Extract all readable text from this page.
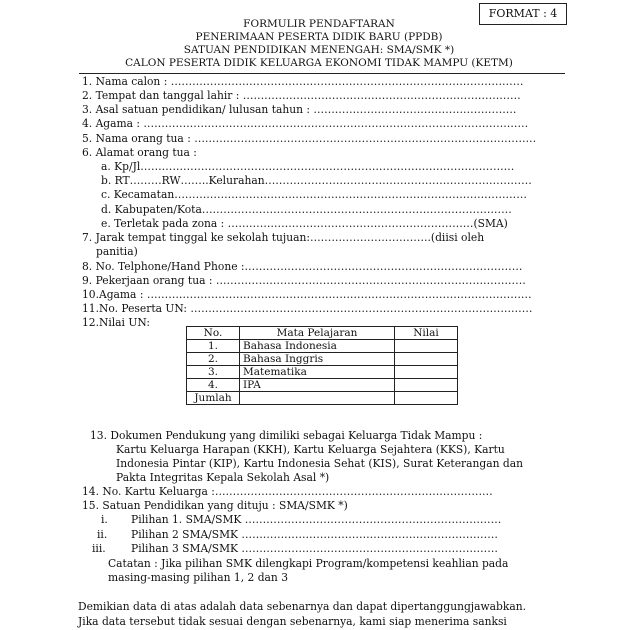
FORMAT : 4
FORMULIR PENDAFTARAN
PENERIMAAN PESERTA DIDIK BARU (PPDB)
SATUAN PENDIDIKAN MENENGAH: SMA/SMK *)
CALON PESERTA DIDIK KELUARGA EKONOMI TIDAK MAMPU (KETM)
1. Nama calon : ………………………………………………………………………………………
2. Tempat dan tanggal lahir : ……………………………………………………………………
3. Asal satuan pendidikan/ lulusan tahun : …………………………………………………
4. Agama : ………………………………………………………………………………………………
5. Nama orang tua : ……………………………………………………………………………………
6. Alamat orang tua :
a. Kp/Jl……………………………………………………………………………………………
b. RT………RW……..Kelurahan…………………………………………………………………
c. Kecamatan………………………………………………………………………………………
d. Kabupaten/Kota……………………………………………………………………………
e. Terletak pada zona : ……………………………………………………………(SMA)
7. Jarak tempat tinggal ke sekolah tujuan:…………………………….(diisi oleh
panitia)
8. No. Telphone/Hand Phone :……………………………………………………………………
9. Pekerjaan orang tua : ……………………………………………………………………………
10.Agama : ………………………………………………………………………………………………
11.No. Peserta UN: ……………………………………………………………………………………
12.Nilai UN:
No.	Mata Pelajaran	Nilai
1.	Bahasa Indonesia	
2.	Bahasa Inggris	
3.	Matematika	
4.	IPA	
Jumlah		
13. Dokumen Pendukung yang dimiliki sebagai Keluarga Tidak Mampu :
Kartu Keluarga Harapan (KKH), Kartu Keluarga Sejahtera (KKS), Kartu
Indonesia Pintar (KIP), Kartu Indonesia Sehat (KIS), Surat Keterangan dan
Pakta Integritas Kepala Sekolah Asal *)
14. No. Kartu Keluarga :……………………………………………………………………
15. Satuan Pendidikan yang dituju : SMA/SMK *)
i. Pilihan 1. SMA/SMK ………………………………………………………………
ii. Pilihan 2 SMA/SMK ………………………………………………………………
iii. Pilihan 3 SMA/SMK ………………………………………………………………
Catatan : Jika pilihan SMK dilengkapi Program/kompetensi keahlian pada
masing-masing pilihan 1, 2 dan 3
Demikian data di atas adalah data sebenarnya dan dapat dipertanggungjawabkan.
Jika data tersebut tidak sesuai dengan sebenarnya, kami siap menerima sanksi
